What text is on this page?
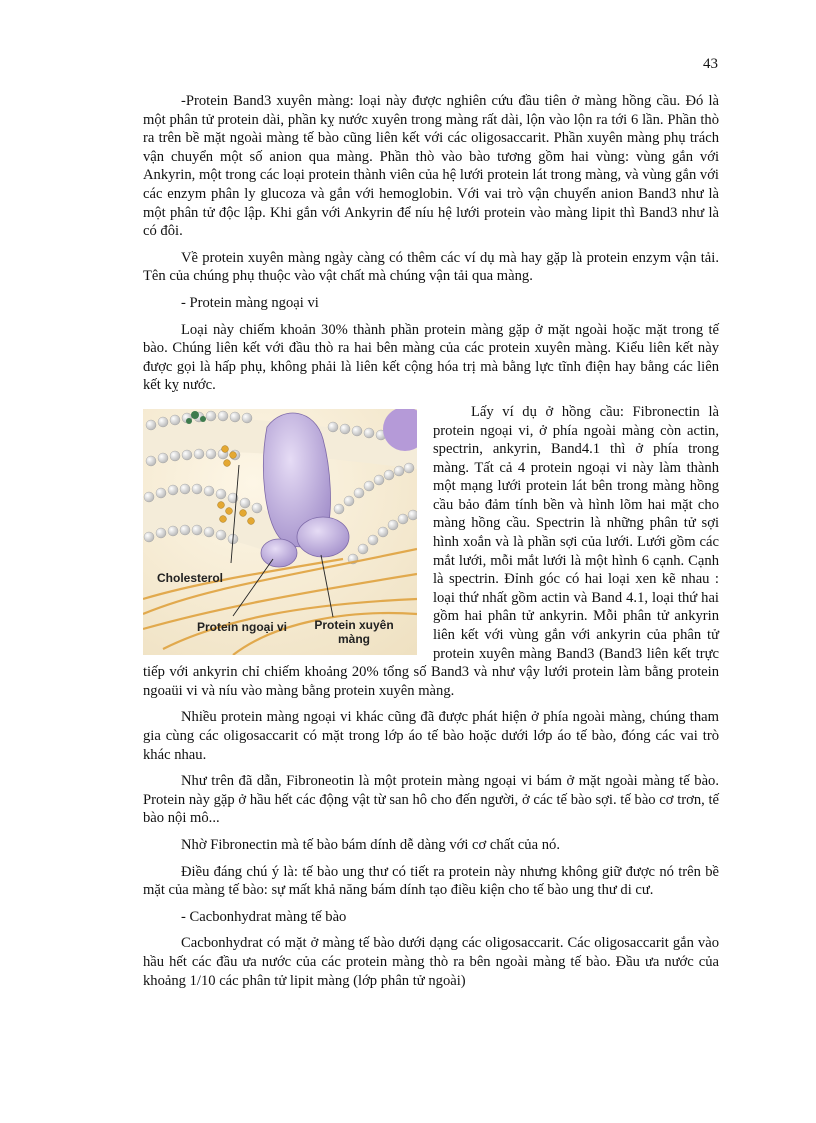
43

-Protein Band3 xuyên màng: loại này được nghiên cứu đầu tiên ở màng hồng cầu. Đó là một phân tử protein dài, phần kỵ nước xuyên trong màng rất dài, lộn vào lộn ra tới 6 lần. Phần thò ra trên bề mặt ngoài màng tế bào cũng liên kết với các oligosaccarit. Phần xuyên màng phụ trách vận chuyển một số anion qua màng. Phần thò vào bào tương gồm hai vùng: vùng gắn với Ankyrin, một trong các loại protein thành viên của hệ lưới protein lát trong màng, và vùng gắn với các enzym phân ly glucoza và gắn với hemoglobin. Với vai trò vận chuyển anion Band3 như là một phân tử độc lập. Khi gắn với Ankyrin để níu hệ lưới protein vào màng lipit thì Band3 như là có đôi.

Về protein xuyên màng ngày càng có thêm các ví dụ mà hay gặp là protein enzym vận tải. Tên của chúng phụ thuộc vào vật chất mà chúng vận tải qua màng.

- Protein màng ngoại vi

Loại này chiếm khoản 30% thành phần protein màng gặp ở mặt ngoài hoặc mặt trong tế bào. Chúng liên kết với đầu thò ra hai bên màng của các protein xuyên màng. Kiểu liên kết này được gọi là hấp phụ, không phải là liên kết cộng hóa trị mà bằng lực tĩnh điện hay bằng các liên kết kỵ nước.

Cholesterol
Protein ngoại vi Protein xuyên màng

Lấy ví dụ ở hồng cầu: Fibronectin là protein ngoại vi, ở phía ngoài màng còn actin, spectrin, ankyrin, Band4.1 thì ở phía trong màng. Tất cả 4 protein ngoại vi này làm thành một mạng lưới protein lát bên trong màng hồng cầu bảo đảm tính bền và hình lõm hai mặt cho màng hồng cầu. Spectrin là những phân tử sợi hình xoắn và là phần sợi của lưới. Lưới gồm các mắt lưới, mỗi mắt lưới là một hình 6 cạnh. Cạnh là spectrin. Đỉnh góc có hai loại xen kẽ nhau : loại thứ nhất gồm actin và Band 4.1, loại thứ hai gồm hai phân tử ankyrin. Mỗi phân tử ankyrin liên kết với vùng gắn với ankyrin của phân tử protein xuyên màng Band3 (Band3 liên kết trực tiếp với ankyrin chỉ chiếm khoảng 20% tổng số Band3 và như vậy lưới protein làm bằng protein ngoaüi vi và níu vào màng bằng protein xuyên màng.

Nhiều protein màng ngoại vi khác cũng đã được phát hiện ở phía ngoài màng, chúng tham gia cùng các oligosaccarit có mặt trong lớp áo tế bào hoặc dưới lớp áo tế bào, đóng các vai trò khác nhau.

Như trên đã dẫn, Fibroneotin là một protein màng ngoại vi bám ở mặt ngoài màng tế bào. Protein này gặp ở hầu hết các động vật từ san hô cho đến người, ở các tế bào sợi. tế bào cơ trơn, tế bào nội mô...

Nhờ Fibronectin mà tế bào bám dính dễ dàng với cơ chất của nó.

Điều đáng chú ý là: tế bào ung thư có tiết ra protein này nhưng không giữ được nó trên bề mặt của màng tế bào: sự mất khả năng bám dính tạo điều kiện cho tế bào ung thư di cư.

- Cacbonhydrat màng tế bào

Cacbonhydrat có mặt ở màng tế bào dưới dạng các oligosaccarit. Các oligosaccarit gắn vào hầu hết các đầu ưa nước của các protein màng thò ra bên ngoài màng tế bào. Đầu ưa nước của khoảng 1/10 các phân tử lipit màng (lớp phân tử ngoài)
